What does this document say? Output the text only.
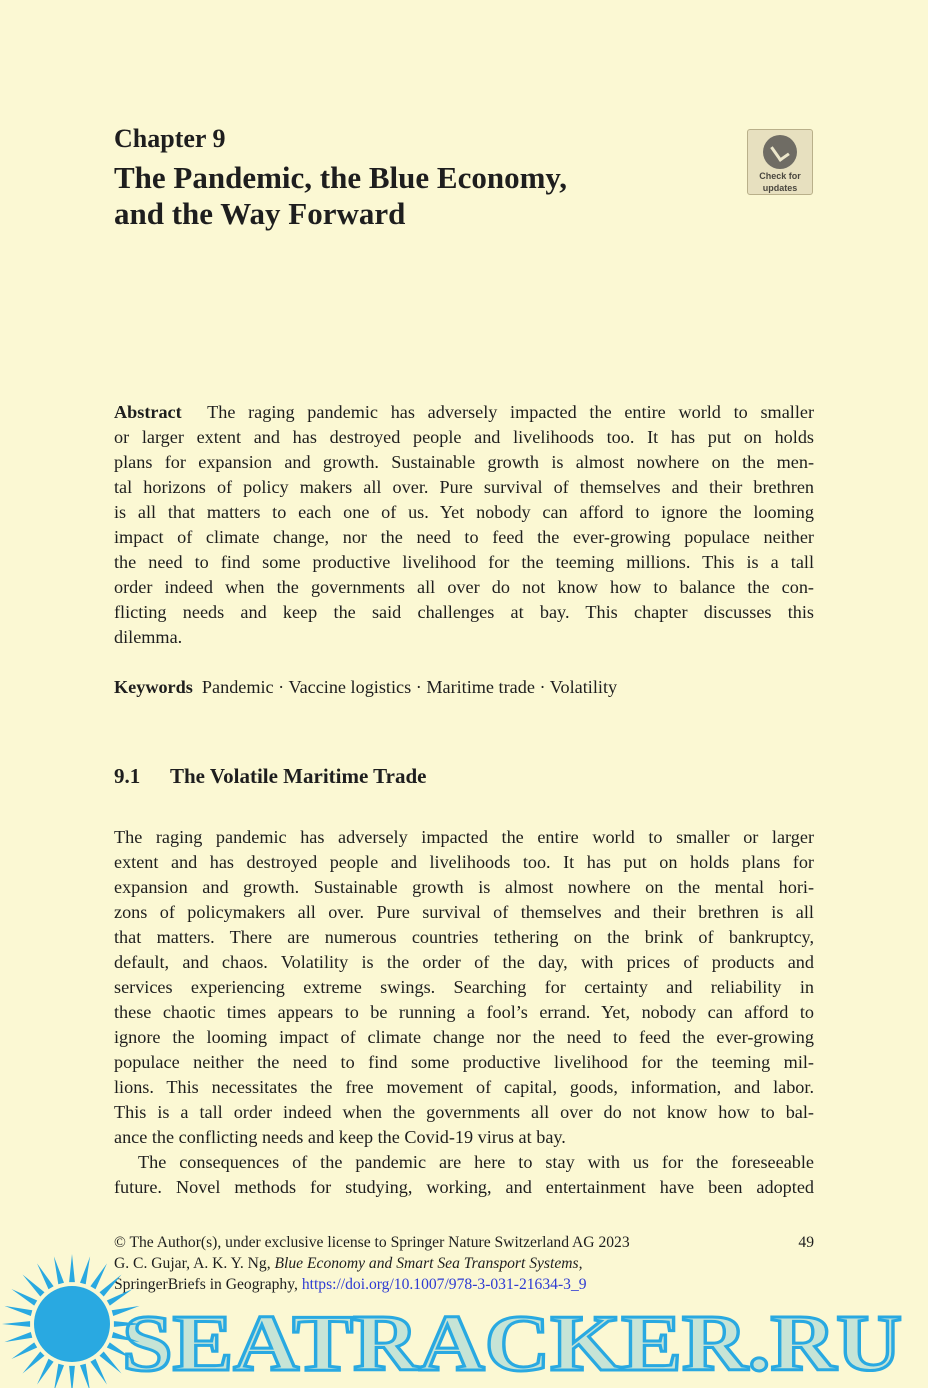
Chapter 9
The Pandemic, the Blue Economy,
and the Way Forward
Check for
updates
Abstract The raging pandemic has adversely impacted the entire world to smaller
or larger extent and has destroyed people and livelihoods too. It has put on holds
plans for expansion and growth. Sustainable growth is almost nowhere on the men-
tal horizons of policy makers all over. Pure survival of themselves and their brethren
is all that matters to each one of us. Yet nobody can afford to ignore the looming
impact of climate change, nor the need to feed the ever-growing populace neither
the need to find some productive livelihood for the teeming millions. This is a tall
order indeed when the governments all over do not know how to balance the con-
flicting needs and keep the said challenges at bay. This chapter discusses this
dilemma.
Keywords Pandemic · Vaccine logistics · Maritime trade · Volatility
9.1 The Volatile Maritime Trade
The raging pandemic has adversely impacted the entire world to smaller or larger
extent and has destroyed people and livelihoods too. It has put on holds plans for
expansion and growth. Sustainable growth is almost nowhere on the mental hori-
zons of policymakers all over. Pure survival of themselves and their brethren is all
that matters. There are numerous countries tethering on the brink of bankruptcy,
default, and chaos. Volatility is the order of the day, with prices of products and
services experiencing extreme swings. Searching for certainty and reliability in
these chaotic times appears to be running a fool’s errand. Yet, nobody can afford to
ignore the looming impact of climate change nor the need to feed the ever-growing
populace neither the need to find some productive livelihood for the teeming mil-
lions. This necessitates the free movement of capital, goods, information, and labor.
This is a tall order indeed when the governments all over do not know how to bal-
ance the conflicting needs and keep the Covid-19 virus at bay.
The consequences of the pandemic are here to stay with us for the foreseeable
future. Novel methods for studying, working, and entertainment have been adopted
© The Author(s), under exclusive license to Springer Nature Switzerland AG 2023	49
G. C. Gujar, A. K. Y. Ng, Blue Economy and Smart Sea Transport Systems,
SpringerBriefs in Geography, https://doi.org/10.1007/978-3-031-21634-3_9
SEATRACKER.RU
